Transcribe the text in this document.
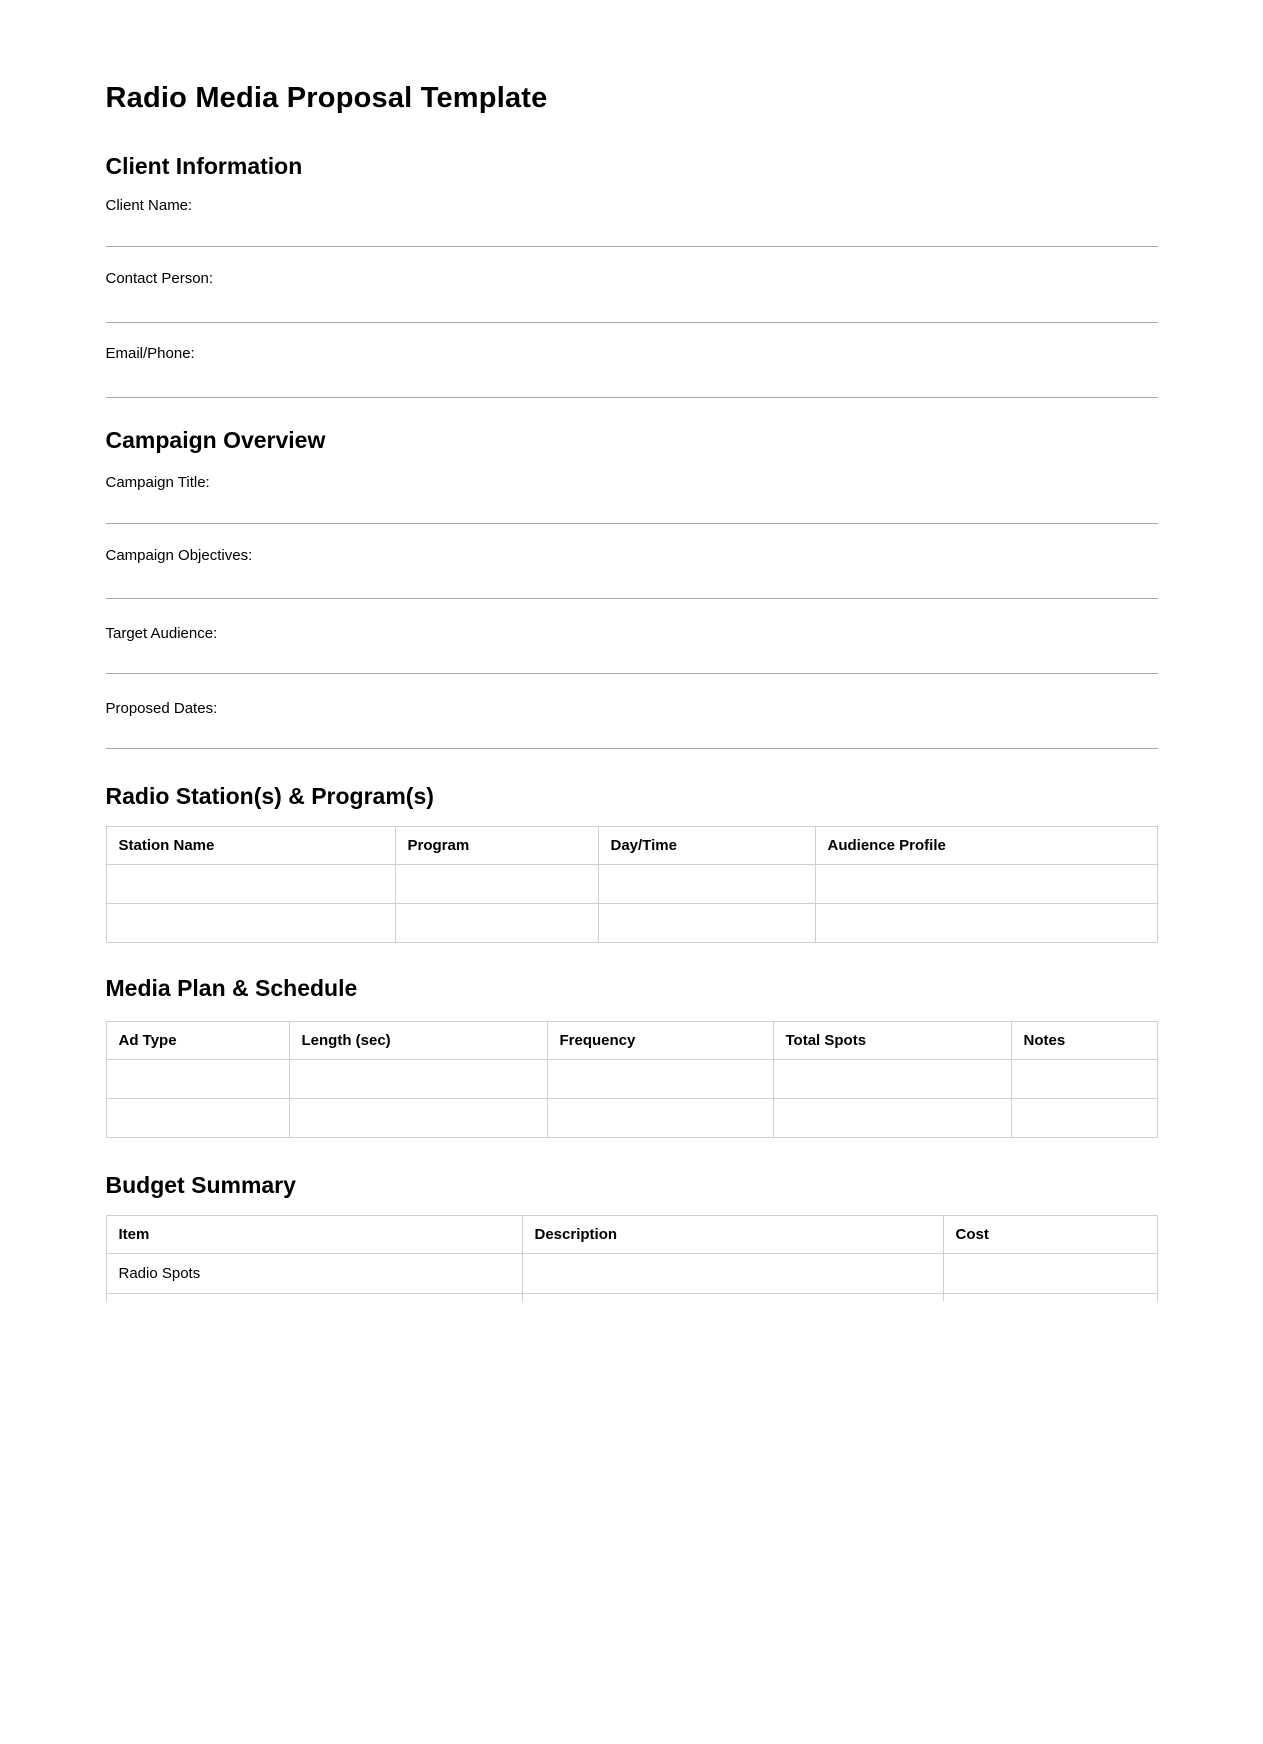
Radio Media Proposal Template
Client Information
Client Name:
Contact Person:
Email/Phone:
Campaign Overview
Campaign Title:
Campaign Objectives:
Target Audience:
Proposed Dates:
Radio Station(s) & Program(s)
Station Name	Program	Day/Time	Audience Profile

Media Plan & Schedule
Ad Type	Length (sec)	Frequency	Total Spots	Notes

Budget Summary
Item	Description	Cost
Radio Spots		
